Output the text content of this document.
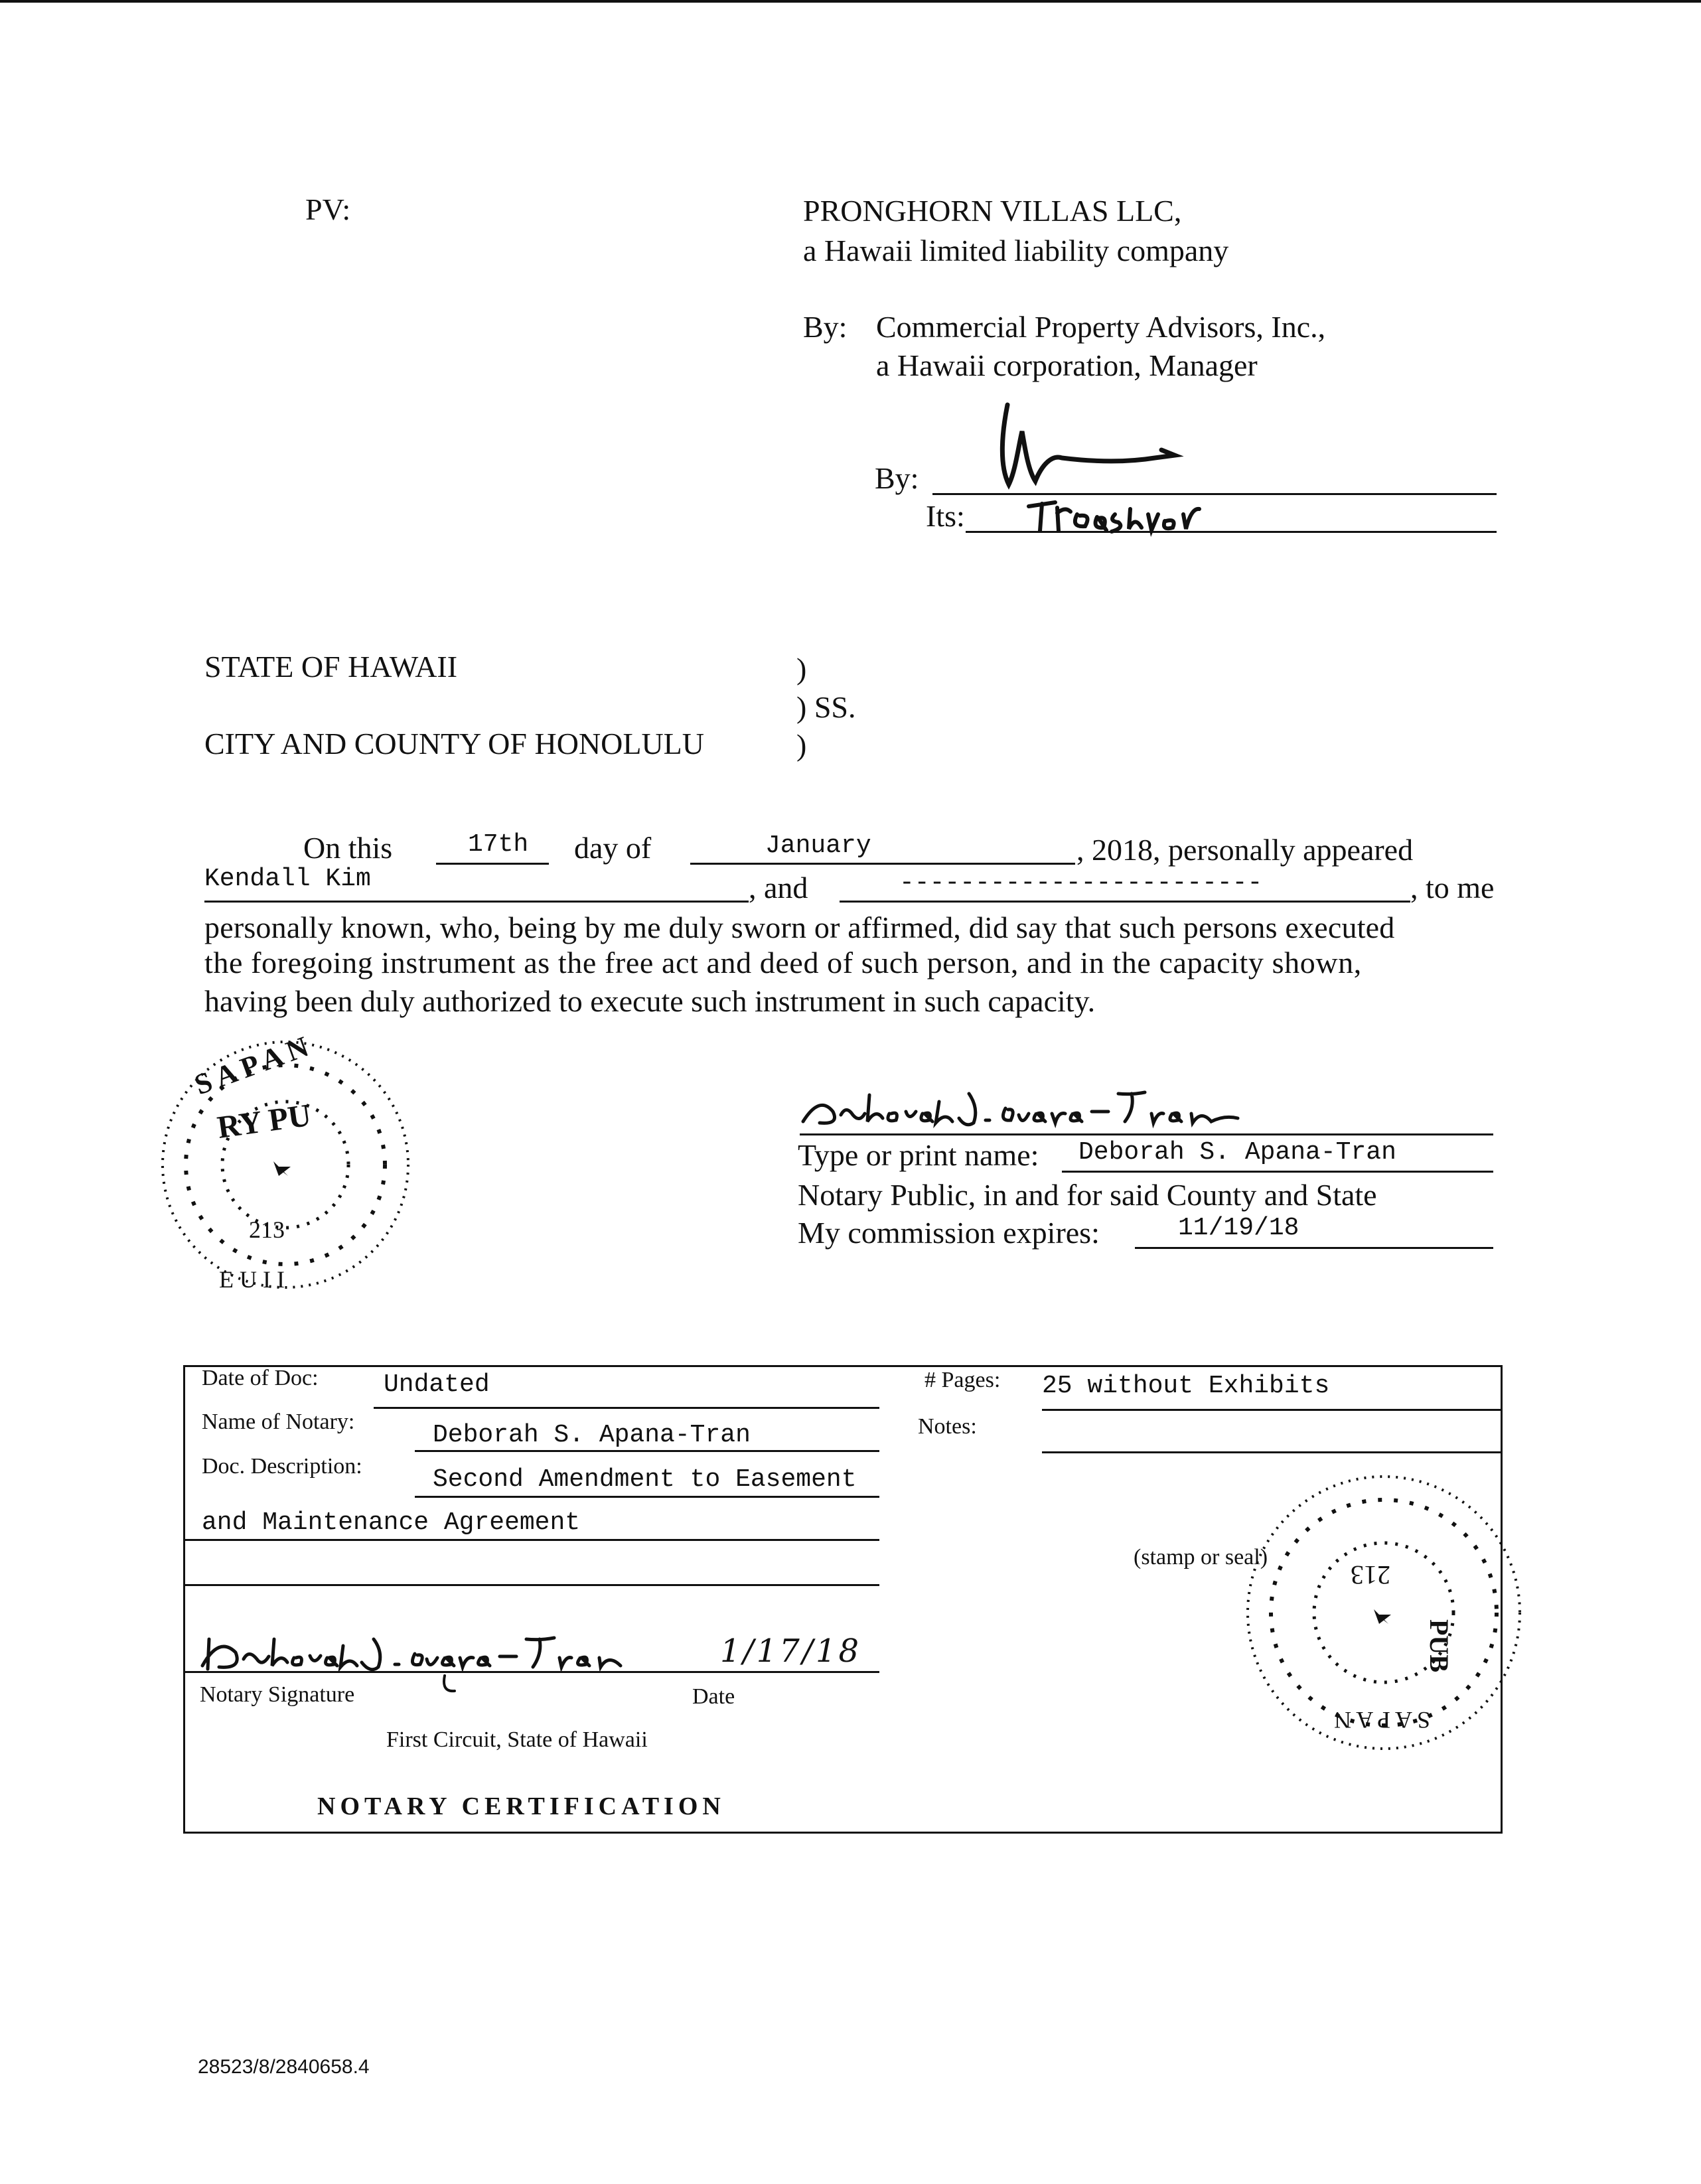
PV:	PRONGHORN VILLAS LLC,
a Hawaii limited liability company
By: Commercial Property Advisors, Inc.,
a Hawaii corporation, Manager
By:
Its:
STATE OF HAWAII	)
) SS.
CITY AND COUNTY OF HONOLULU	)
On this	17th day of	January	, 2018, personally appeared
Kendall Kim	, and	------------------------	, to me
personally known, who, being by me duly sworn or affirmed, did say that such persons executed
the foregoing instrument as the free act and deed of such person, and in the capacity shown,
having been duly authorized to execute such instrument in such capacity.
S A P A N
RY PU
213
E U I I
Type or print name: Deborah S. Apana-Tran
Notary Public, in and for said County and State
My commission expires:	11/19/18
Date of Doc:	Undated	# Pages: 25 without Exhibits
Name of Notary:	Deborah S. Apana-Tran	Notes:
Doc. Description:	Second Amendment to Easement
and Maintenance Agreement
(stamp or seal)
213
S A P A N
PUB
1/17/18
Notary Signature	Date
First Circuit, State of Hawaii
NOTARY CERTIFICATION
28523/8/2840658.4
